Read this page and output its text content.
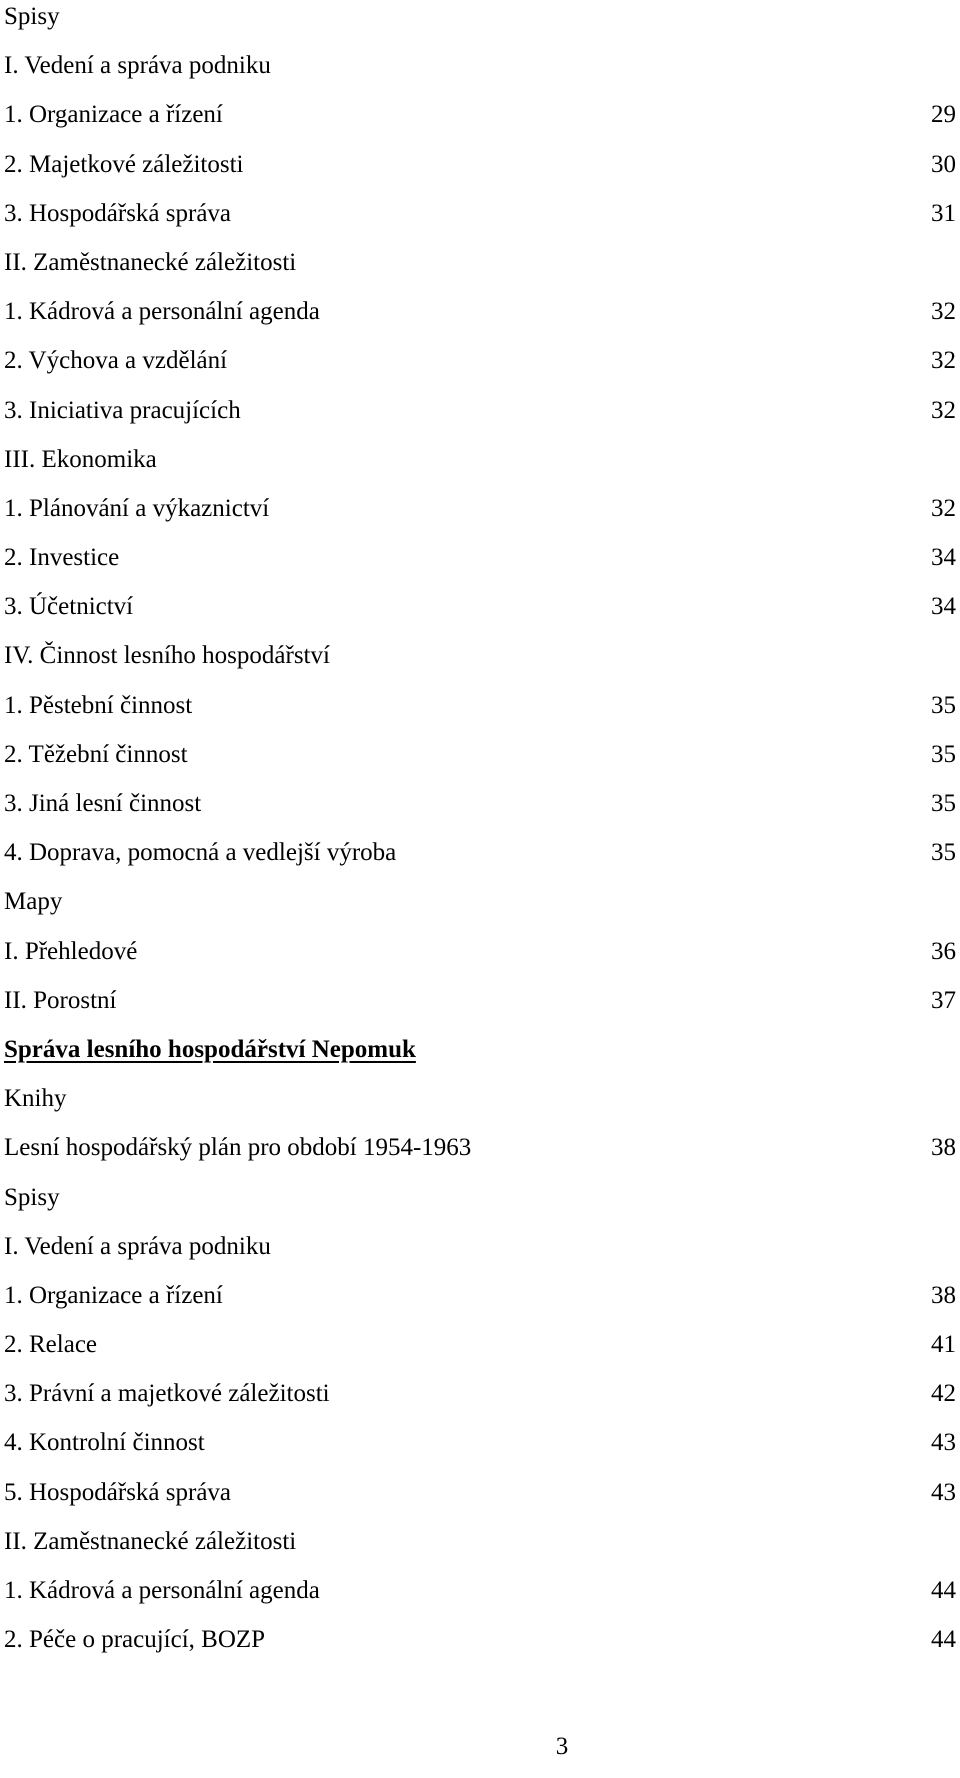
Spisy
I. Vedení a správa podniku
1. Organizace a řízení	29
2. Majetkové záležitosti	30
3. Hospodářská správa	31
II. Zaměstnanecké záležitosti
1. Kádrová a personální agenda	32
2. Výchova a vzdělání	32
3. Iniciativa pracujících	32
III. Ekonomika
1. Plánování a výkaznictví	32
2. Investice	34
3. Účetnictví	34
IV. Činnost lesního hospodářství
1. Pěstební činnost	35
2. Těžební činnost	35
3. Jiná lesní činnost	35
4. Doprava, pomocná a vedlejší výroba	35
Mapy
I. Přehledové	36
II. Porostní	37
Správa lesního hospodářství Nepomuk
Knihy
Lesní hospodářský plán pro období 1954-1963	38
Spisy
I. Vedení a správa podniku
1. Organizace a řízení	38
2. Relace	41
3. Právní a majetkové záležitosti	42
4. Kontrolní činnost	43
5. Hospodářská správa	43
II. Zaměstnanecké záležitosti
1. Kádrová a personální agenda	44
2. Péče o pracující, BOZP	44
3
